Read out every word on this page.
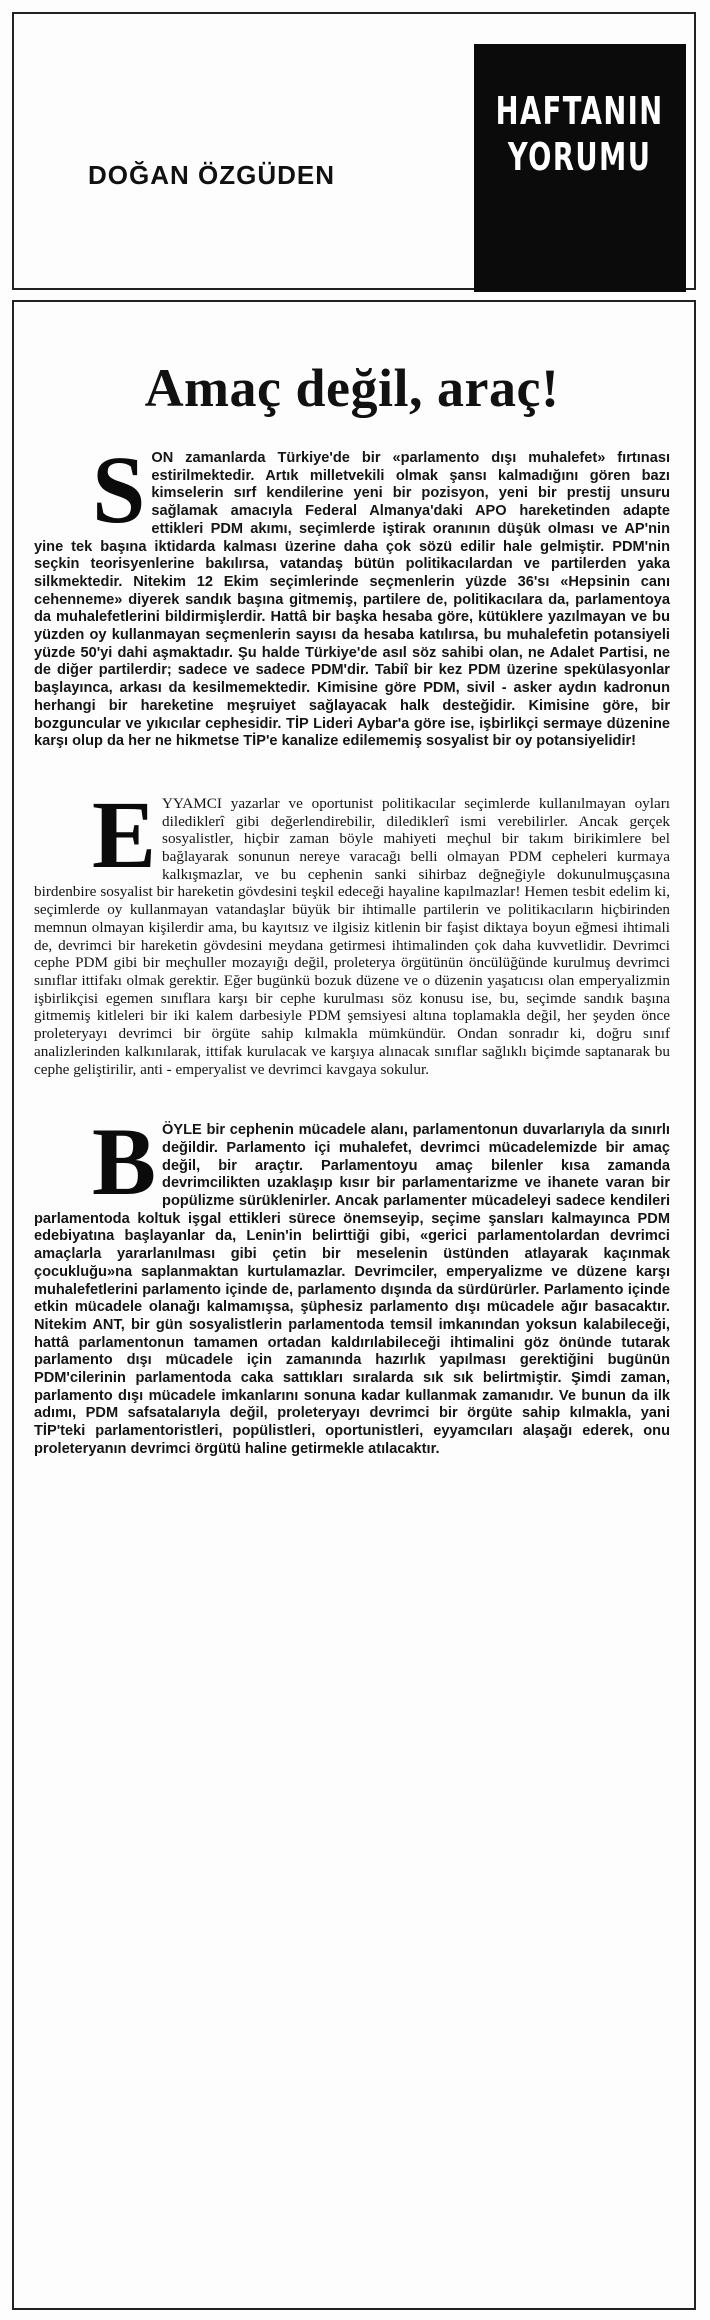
DOĞAN ÖZGÜDEN
HAFTANIN
YORUMU
Amaç değil, araç!

SON zamanlarda Türkiye'de bir «parlamento dışı muhalefet» fırtınası estirilmektedir. Artık milletvekili olmak şansı kalmadığını gören bazı kimselerin sırf kendilerine yeni bir pozisyon, yeni bir prestij unsuru sağlamak amacıyla Federal Almanya'daki APO hareketinden adapte ettikleri PDM akımı, seçimlerde iştirak oranının düşük olması ve AP'nin yine tek başına iktidarda kalması üzerine daha çok sözü edilir hale gelmiştir. PDM'nin seçkin teorisyenlerine bakılırsa, vatandaş bütün politikacılardan ve partilerden yaka silkmektedir. Nitekim 12 Ekim seçimlerinde seçmenlerin yüzde 36'sı «Hepsinin canı cehenneme» diyerek sandık başına gitmemiş, partilere de, politikacılara da, parlamentoya da muhalefetlerini bildirmişlerdir. Hattâ bir başka hesaba göre, kütüklere yazılmayan ve bu yüzden oy kullanmayan seçmenlerin sayısı da hesaba katılırsa, bu muhalefetin potansiyeli yüzde 50'yi dahi aşmaktadır. Şu halde Türkiye'de asıl söz sahibi olan, ne Adalet Partisi, ne de diğer partilerdir; sadece ve sadece PDM'dir. Tabiî bir kez PDM üzerine spekülasyonlar başlayınca, arkası da kesilmemektedir. Kimisine göre PDM, sivil - asker aydın kadronun herhangi bir hareketine meşruiyet sağlayacak halk desteğidir. Kimisine göre, bir bozguncular ve yıkıcılar cephesidir. TİP Lideri Aybar'a göre ise, işbirlikçi sermaye düzenine karşı olup da her ne hikmetse TİP'e kanalize edilememiş sosyalist bir oy potansiyelidir!

EYYAMCI yazarlar ve oportunist politikacılar seçimlerde kullanılmayan oyları dilediklerî gibi değerlendirebilir, dilediklerî ismi verebilirler. Ancak gerçek sosyalistler, hiçbir zaman böyle mahiyeti meçhul bir takım birikimlere bel bağlayarak sonunun nereye varacağı belli olmayan PDM cepheleri kurmaya kalkışmazlar, ve bu cephenin sanki sihirbaz değneğiyle dokunulmuşçasına birdenbire sosyalist bir hareketin gövdesini teşkil edeceği hayaline kapılmazlar! Hemen tesbit edelim ki, seçimlerde oy kullanmayan vatandaşlar büyük bir ihtimalle partilerin ve politikacıların hiçbirinden memnun olmayan kişilerdir ama, bu kayıtsız ve ilgisiz kitlenin bir faşist diktaya boyun eğmesi ihtimali de, devrimci bir hareketin gövdesini meydana getirmesi ihtimalinden çok daha kuvvetlidir. Devrimci cephe PDM gibi bir meçhuller mozayığı değil, proleterya örgütünün öncülüğünde kurulmuş devrimci sınıflar ittifakı olmak gerektir. Eğer bugünkü bozuk düzene ve o düzenin yaşatıcısı olan emperyalizmin işbirlikçisi egemen sınıflara karşı bir cephe kurulması söz konusu ise, bu, seçimde sandık başına gitmemiş kitleleri bir iki kalem darbesiyle PDM şemsiyesi altına toplamakla değil, her şeyden önce proleteryayı devrimci bir örgüte sahip kılmakla mümkündür. Ondan sonradır ki, doğru sınıf analizlerinden kalkınılarak, ittifak kurulacak ve karşıya alınacak sınıflar sağlıklı biçimde saptanarak bu cephe geliştirilir, anti - emperyalist ve devrimci kavgaya sokulur.

BÖYLE bir cephenin mücadele alanı, parlamentonun duvarlarıyla da sınırlı değildir. Parlamento içi muhalefet, devrimci mücadelemizde bir amaç değil, bir araçtır. Parlamentoyu amaç bilenler kısa zamanda devrimcilikten uzaklaşıp kısır bir parlamentarizme ve ihanete varan bir popülizme sürüklenirler. Ancak parlamenter mücadeleyi sadece kendileri parlamentoda koltuk işgal ettikleri sürece önemseyip, seçime şansları kalmayınca PDM edebiyatına başlayanlar da, Lenin'in belirttiği gibi, «gerici parlamentolardan devrimci amaçlarla yararlanılması gibi çetin bir meselenin üstünden atlayarak kaçınmak çocukluğu»na saplanmaktan kurtulamazlar. Devrimciler, emperyalizme ve düzene karşı muhalefetlerini parlamento içinde de, parlamento dışında da sürdürürler. Parlamento içinde etkin mücadele olanağı kalmamışsa, şüphesiz parlamento dışı mücadele ağır basacaktır. Nitekim ANT, bir gün sosyalistlerin parlamentoda temsil imkanından yoksun kalabileceği, hattâ parlamentonun tamamen ortadan kaldırılabileceği ihtimalini göz önünde tutarak parlamento dışı mücadele için zamanında hazırlık yapılması gerektiğini bugünün PDM'cilerinin parlamentoda caka sattıkları sıralarda sık sık belirtmiştir. Şimdi zaman, parlamento dışı mücadele imkanlarını sonuna kadar kullanmak zamanıdır. Ve bunun da ilk adımı, PDM safsatalarıyla değil, proleteryayı devrimci bir örgüte sahip kılmakla, yani TİP'teki parlamentoristleri, popülistleri, oportunistleri, eyyamcıları alaşağı ederek, onu proleteryanın devrimci örgütü haline getirmekle atılacaktır.
